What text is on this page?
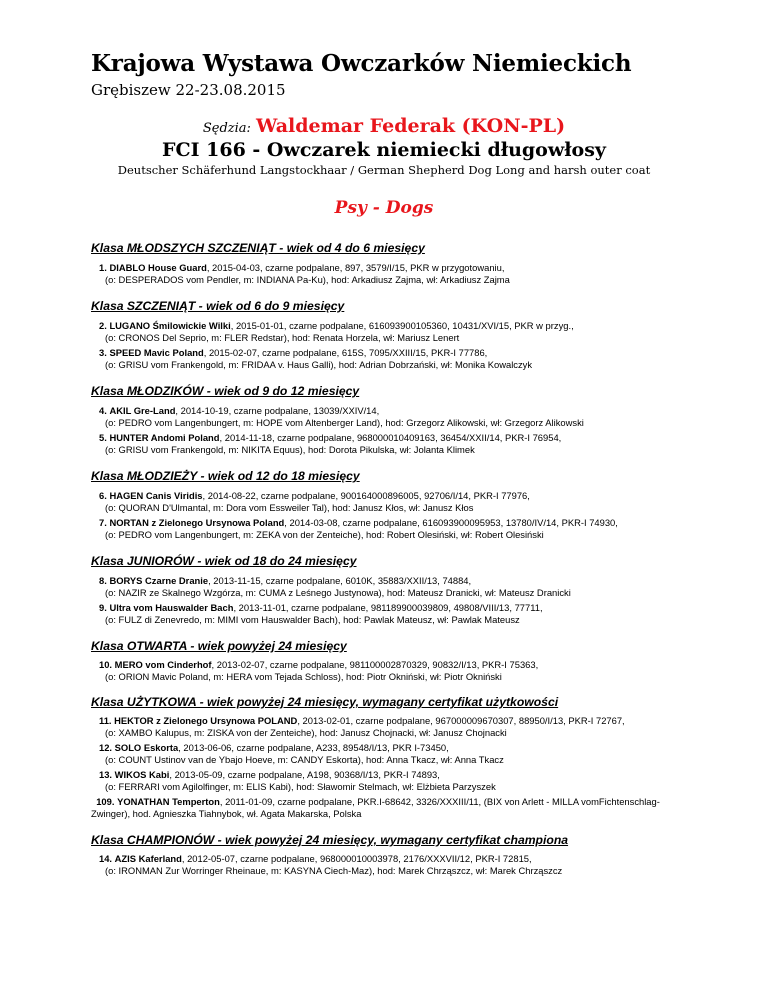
Krajowa Wystawa Owczarków Niemieckich
Grębiszew 22-23.08.2015
Sędzia: Waldemar Federak (KON-PL)
FCI 166 - Owczarek niemiecki długowłosy
Deutscher Schäferhund Langstockhaar / German Shepherd Dog Long and harsh outer coat
Psy - Dogs
Klasa MŁODSZYCH SZCZENIĄT - wiek od 4 do 6 miesięcy
1. DIABLO House Guard, 2015-04-03, czarne podpalane, 897, 3579/I/15, PKR w przygotowaniu,
(o: DESPERADOS vom Pendler, m: INDIANA Pa-Ku), hod: Arkadiusz Zajma, wł: Arkadiusz Zajma
Klasa SZCZENIĄT - wiek od 6 do 9 miesięcy
2. LUGANO Śmilowickie Wilki, 2015-01-01, czarne podpalane, 616093900105360, 10431/XVI/15, PKR w przyg.,
(o: CRONOS Del Seprio, m: FLER Redstar), hod: Renata Horzela, wł: Mariusz Lenert
3. SPEED Mavic Poland, 2015-02-07, czarne podpalane, 615S, 7095/XXIII/15, PKR-I 77786,
(o: GRISU vom Frankengold, m: FRIDAA v. Haus Galli), hod: Adrian Dobrzański, wł: Monika Kowalczyk
Klasa MŁODZIKÓW - wiek od 9 do 12 miesięcy
4. AKIL Gre-Land, 2014-10-19, czarne podpalane, 13039/XXIV/14,
(o: PEDRO vom Langenbungert, m: HOPE vom Altenberger Land), hod: Grzegorz Alikowski, wł: Grzegorz Alikowski
5. HUNTER Andomi Poland, 2014-11-18, czarne podpalane, 968000010409163, 36454/XXII/14, PKR-I 76954,
(o: GRISU vom Frankengold, m: NIKITA Equus), hod: Dorota Pikulska, wł: Jolanta Klimek
Klasa MŁODZIEŻY - wiek od 12 do 18 miesięcy
6. HAGEN Canis Viridis, 2014-08-22, czarne podpalane, 900164000896005, 92706/I/14, PKR-I 77976,
(o: QUORAN D'Ulmantal, m: Dora vom Essweiler Tal), hod: Janusz Kłos, wł: Janusz Kłos
7. NORTAN z Zielonego Ursynowa Poland, 2014-03-08, czarne podpalane, 616093900095953, 13780/IV/14, PKR-I 74930,
(o: PEDRO vom Langenbungert, m: ZEKA von der Zenteiche), hod: Robert Olesiński, wł: Robert Olesiński
Klasa JUNIORÓW - wiek od 18 do 24 miesięcy
8. BORYS Czarne Dranie, 2013-11-15, czarne podpalane, 6010K, 35883/XXII/13, 74884,
(o: NAZIR ze Skalnego Wzgórza, m: CUMA z Leśnego Justynowa), hod: Mateusz Dranicki, wł: Mateusz Dranicki
9. Ultra vom Hauswalder Bach, 2013-11-01, czarne podpalane, 981189900039809, 49808/VIII/13, 77711,
(o: FULZ di Zenevredo, m: MIMI vom Hauswalder Bach), hod: Pawlak Mateusz, wł: Pawlak Mateusz
Klasa OTWARTA - wiek powyżej 24 miesięcy
10. MERO vom Cinderhof, 2013-02-07, czarne podpalane, 981100002870329, 90832/I/13, PKR-I 75363,
(o: ORION Mavic Poland, m: HERA vom Tejada Schloss), hod: Piotr Okniński, wł: Piotr Okniński
Klasa UŻYTKOWA - wiek powyżej 24 miesięcy, wymagany certyfikat użytkowości
11. HEKTOR z Zielonego Ursynowa POLAND, 2013-02-01, czarne podpalane, 967000009670307, 88950/I/13, PKR-I 72767,
(o: XAMBO Kalupus, m: ZISKA von der Zenteiche), hod: Janusz Chojnacki, wł: Janusz Chojnacki
12. SOLO Eskorta, 2013-06-06, czarne podpalane, A233, 89548/I/13, PKR I-73450,
(o: COUNT Ustinov van de Ybajo Hoeve, m: CANDY Eskorta), hod: Anna Tkacz, wł: Anna Tkacz
13. WIKOS Kabi, 2013-05-09, czarne podpalane, A198, 90368/I/13, PKR-I 74893,
(o: FERRARI vom Agilolfinger, m: ELIS Kabi), hod: Sławomir Stelmach, wł: Elżbieta Parzyszek
109. YONATHAN Temperton, 2011-01-09, czarne podpalane, PKR.I-68642, 3326/XXXIII/11, (BIX von Arlett - MILLA vomFichtenschlag-
Zwinger), hod. Agnieszka Tiahnybok, wł. Agata Makarska, Polska
Klasa CHAMPIONÓW - wiek powyżej 24 miesięcy, wymagany certyfikat championa
14. AZIS Kaferland, 2012-05-07, czarne podpalane, 968000010003978, 2176/XXXVII/12, PKR-I 72815,
(o: IRONMAN Zur Worringer Rheinaue, m: KASYNA Ciech-Maz), hod: Marek Chrząszcz, wł: Marek Chrząszcz
